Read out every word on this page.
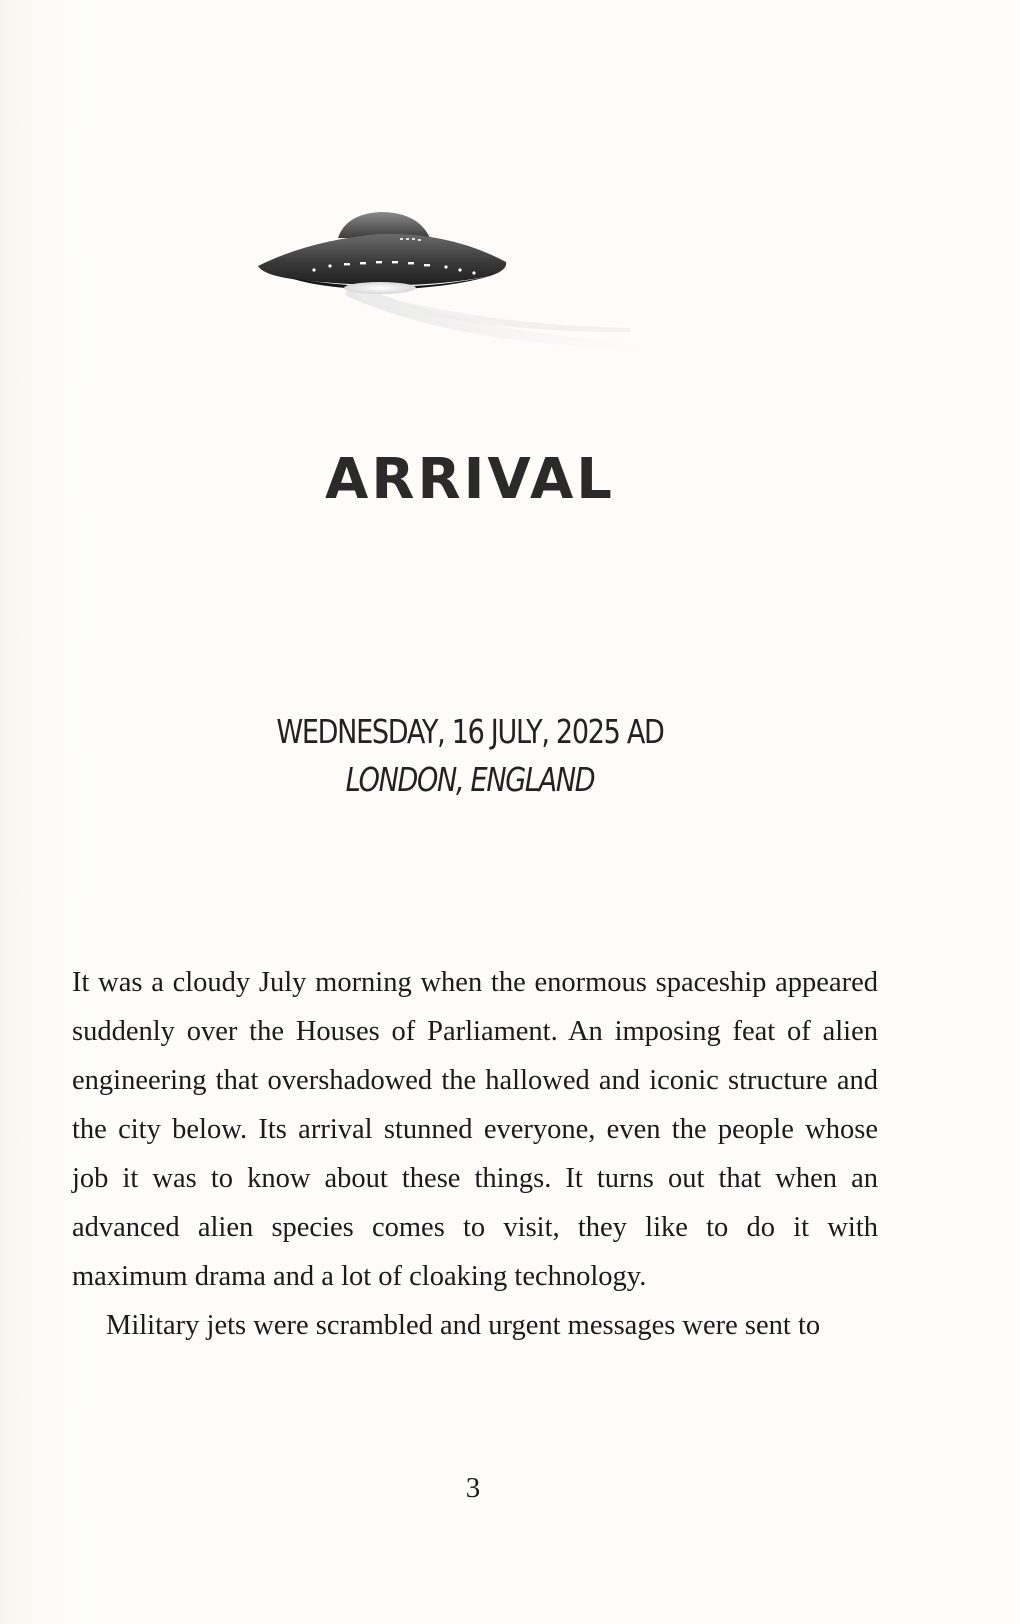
ARRIVAL
WEDNESDAY, 16 JULY, 2025 AD
LONDON, ENGLAND

It was a cloudy July morning when the enormous spaceship appeared suddenly over the Houses of Parliament. An imposing feat of alien engineering that overshadowed the hallowed and iconic structure and the city below. Its arrival stunned everyone, even the people whose job it was to know about these things. It turns out that when an advanced alien species comes to visit, they like to do it with maximum drama and a lot of cloaking technology.

Military jets were scrambled and urgent messages were sent to

3
